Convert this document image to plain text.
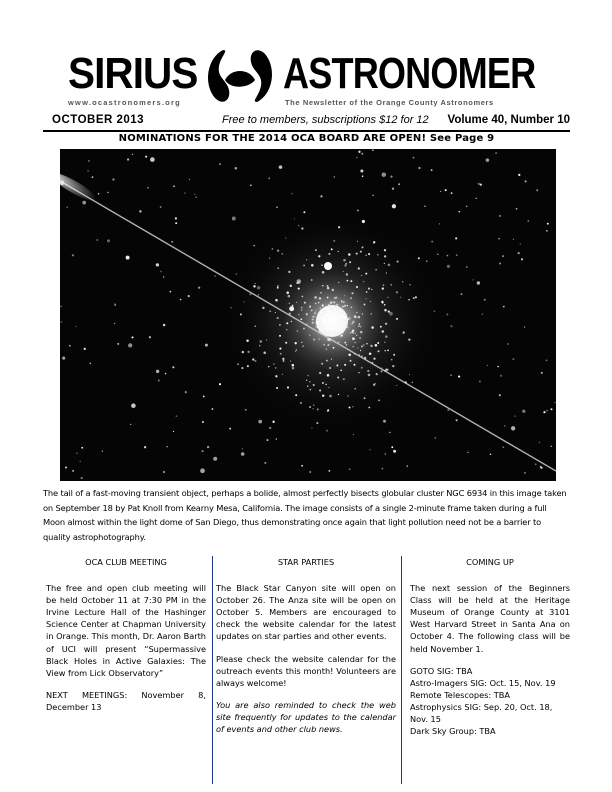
SIRIUS ASTRONOMER
www.ocastronomers.org	The Newsletter of the Orange County Astronomers
OCTOBER 2013	Free to members, subscriptions $12 for 12 Volume 40, Number 10
NOMINATIONS FOR THE 2014 OCA BOARD ARE OPEN! See Page 9
The tail of a fast-moving transient object, perhaps a bolide, almost perfectly bisects globular cluster NGC 6934 in this image taken on September 18 by Pat Knoll from Kearny Mesa, California. The image consists of a single 2-minute frame taken during a full Moon almost within the light dome of San Diego, thus demonstrating once again that light pollution need not be a barrier to quality astrophotography.
OCA CLUB MEETING

The free and open club meeting will be held October 11 at 7:30 PM in the Irvine Lecture Hall of the Hashinger Science Center at Chapman University in Orange. This month, Dr. Aaron Barth of UCI will present “Supermassive Black Holes in Active Galaxies: The View from Lick Observatory”

NEXT MEETINGS: November 8, December 13

STAR PARTIES

The Black Star Canyon site will open on October 26. The Anza site will be open on October 5. Members are encouraged to check the website calendar for the latest updates on star parties and other events.

Please check the website calendar for the outreach events this month! Volunteers are always welcome!

You are also reminded to check the web site frequently for updates to the calendar of events and other club news.

COMING UP

The next session of the Beginners Class will be held at the Heritage Museum of Orange County at 3101 West Harvard Street in Santa Ana on October 4. The following class will be held November 1.

GOTO SIG: TBA
Astro-Imagers SIG: Oct. 15, Nov. 19
Remote Telescopes: TBA
Astrophysics SIG: Sep. 20, Oct. 18, Nov. 15
Dark Sky Group: TBA
